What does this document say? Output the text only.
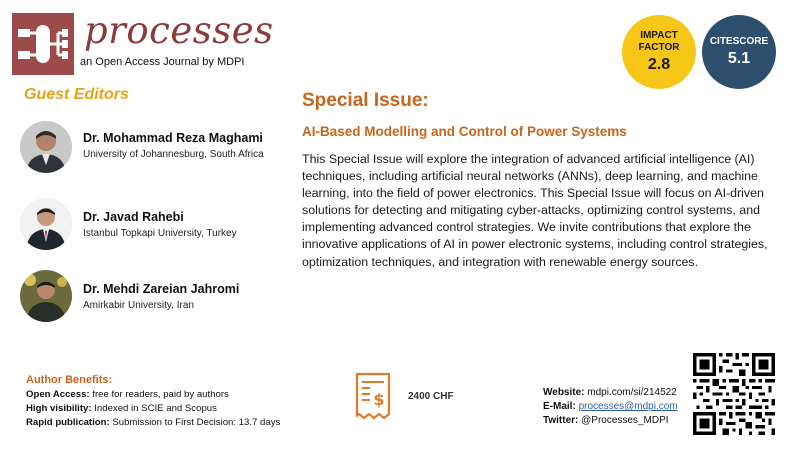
processes
an Open Access Journal by MDPI
IMPACT
FACTOR
2.8
CITESCORE
5.1
Guest Editors
Dr. Mohammad Reza Maghami
University of Johannesburg, South Africa
Dr. Javad Rahebi
Istanbul Topkapi University, Turkey
Dr. Mehdi Zareian Jahromi
Amirkabir University, Iran
Special Issue:
AI-Based Modelling and Control of Power Systems
This Special Issue will explore the integration of advanced artificial intelligence (AI) techniques, including artificial neural networks (ANNs), deep learning, and machine learning, into the field of power electronics. This Special Issue will focus on AI-driven solutions for detecting and mitigating cyber-attacks, optimizing control systems, and implementing advanced control strategies. We invite contributions that explore the innovative applications of AI in power electronic systems, including control strategies, optimization techniques, and integration with renewable energy sources.
Author Benefits:
Open Access: free for readers, paid by authors
High visibility: Indexed in SCIE and Scopus
Rapid publication: Submission to First Decision: 13.7 days
$ 2400 CHF	Website: mdpi.com/si/214522
E-Mail: processes@mdpi.com
Twitter: @Processes_MDPI
